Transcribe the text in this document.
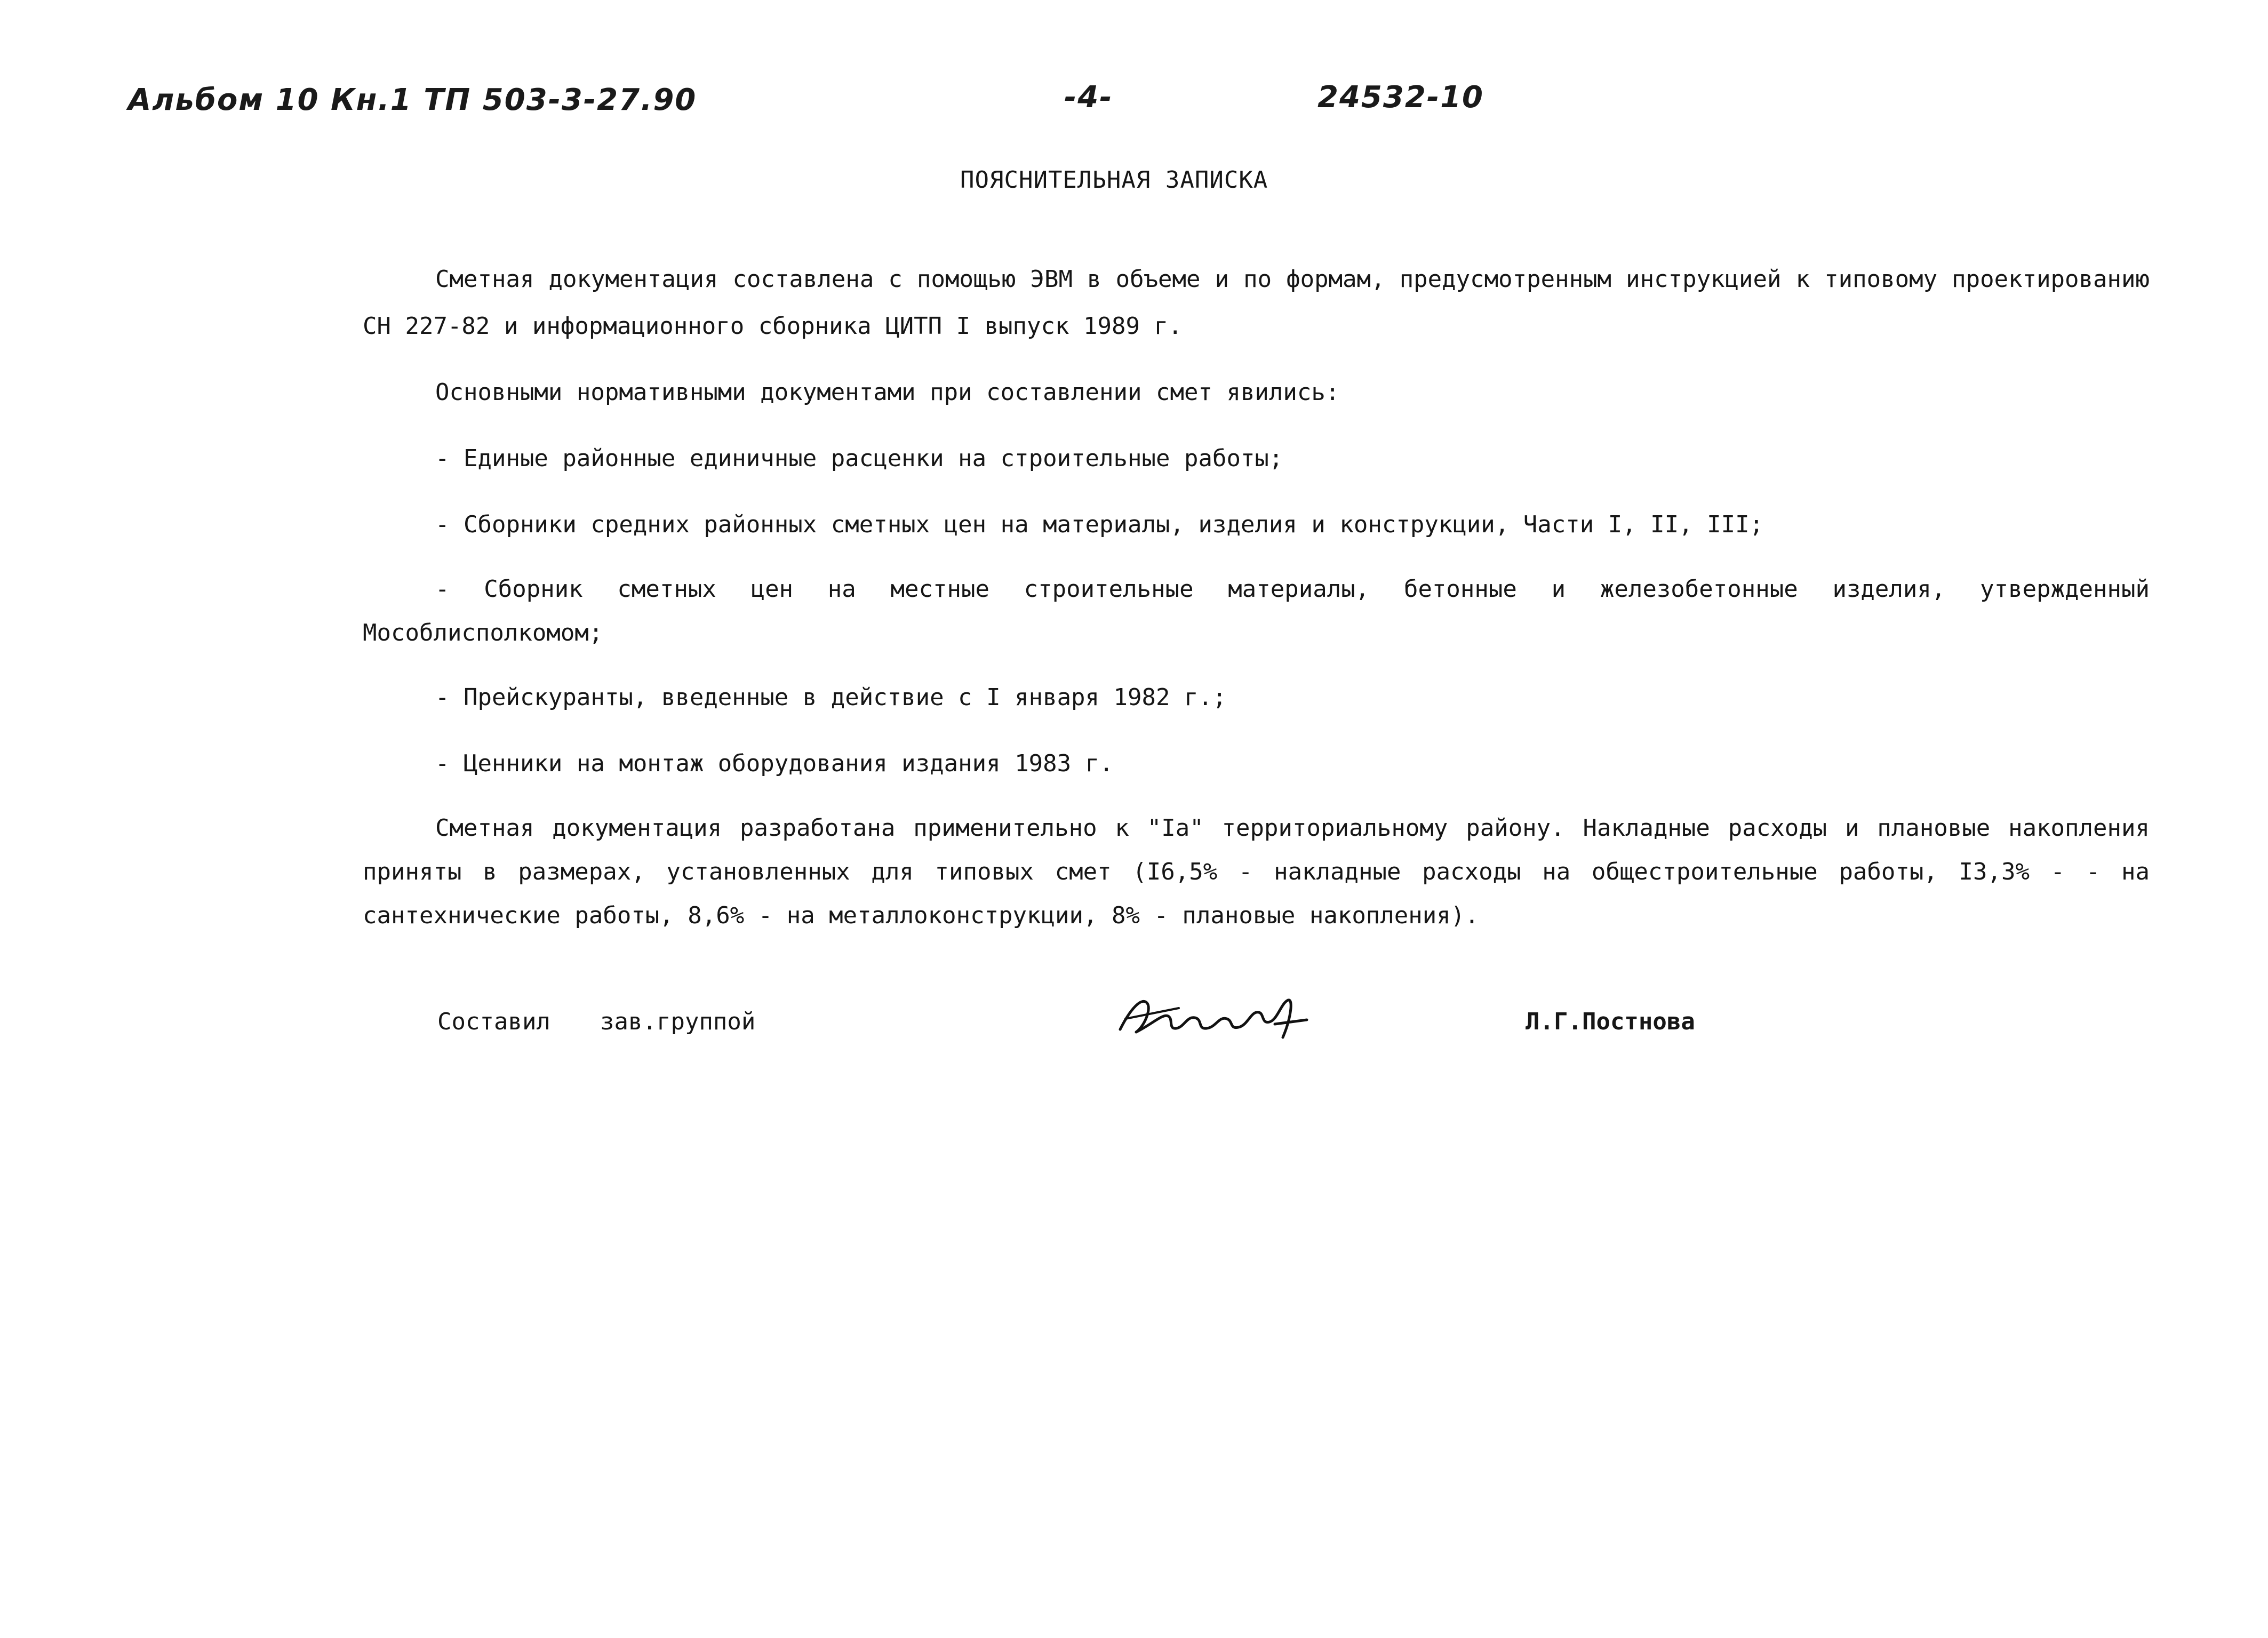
Альбом 10 Кн.1 ТП 503-3-27.90	-4-	24532-10
ПОЯСНИТЕЛЬНАЯ ЗАПИСКА

Сметная документация составлена с помощью ЭВМ в объеме и по формам, предусмотренным инструкцией к типовому проектированию СН 227-82 и информационного сборника ЦИТП I выпуск 1989 г.

Основными нормативными документами при составлении смет явились:

- Единые районные единичные расценки на строительные работы;

- Сборники средних районных сметных цен на материалы, изделия и конструкции, Части I, II, III;

- Сборник сметных цен на местные строительные материалы, бетонные и железобетонные изделия, утвержденный Мособлисполкомом;

- Прейскуранты, введенные в действие с I января 1982 г.;

- Ценники на монтаж оборудования издания 1983 г.

Сметная документация разработана применительно к "Iа" территориальному району. Накладные расходы и плановые накопления приняты в размерах, установленных для типовых смет (I6,5% - накладные расходы на общестроительные работы, I3,3% - - на сантехнические работы, 8,6% - на металлоконструкции, 8% - плановые накопления).

Составил зав.группой	Л.Г.Постнова
